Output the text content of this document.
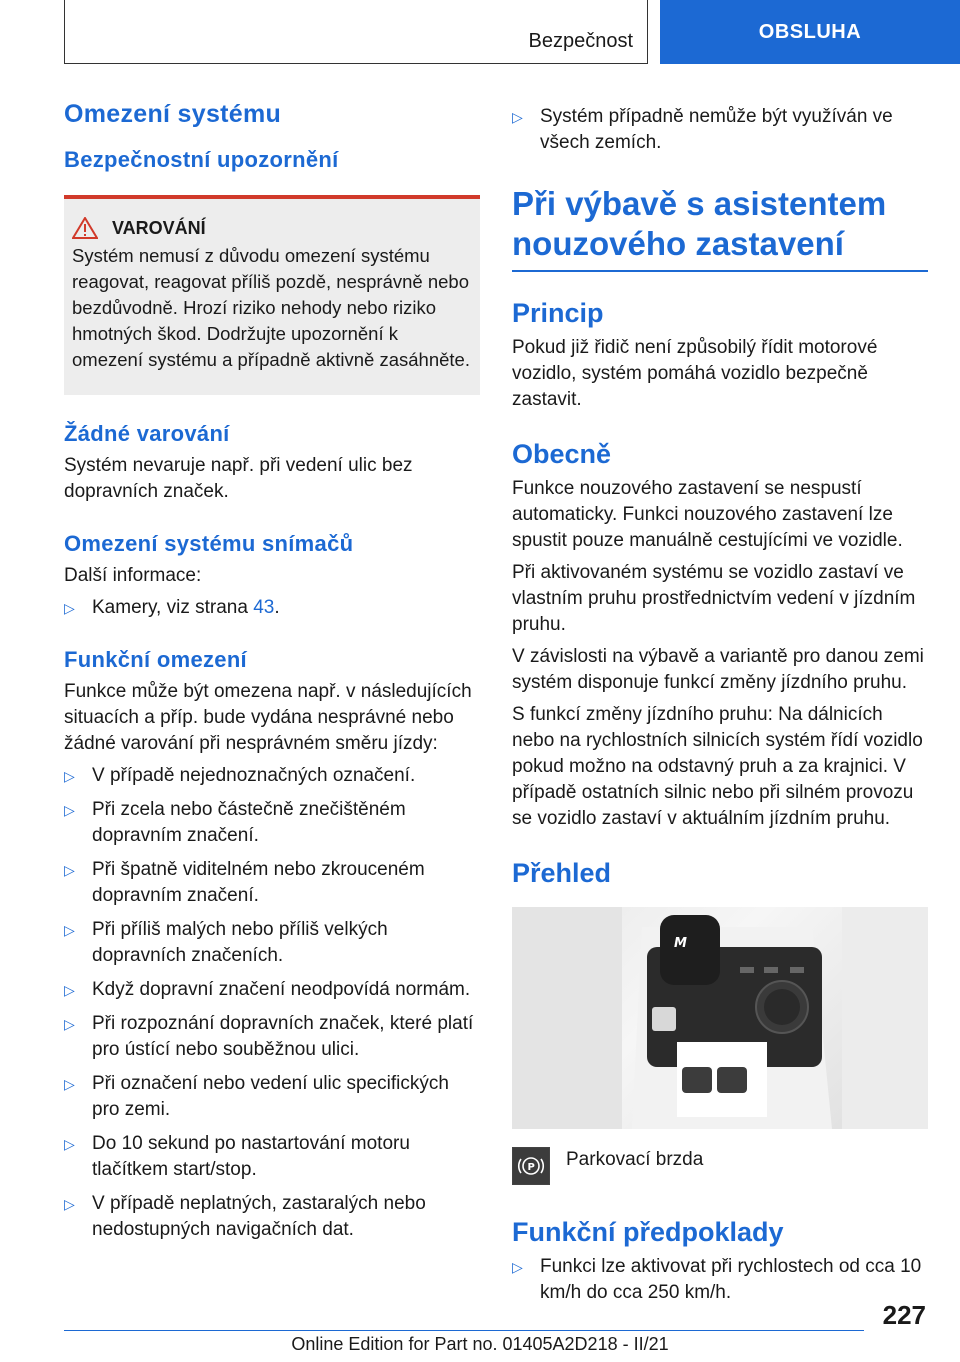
Bezpečnost	OBSLUHA
Omezení systému
Bezpečnostní upozornění
VAROVÁNÍ

Systém nemusí z důvodu omezení systému reagovat, reagovat příliš pozdě, nesprávně nebo bezdůvodně. Hrozí riziko nehody nebo riziko hmotných škod. Dodržujte upozornění k omezení systému a případně aktivně zasáhněte.

Žádné varování

Systém nevaruje např. při vedení ulic bez dopravních značek.

Omezení systému snímačů

Další informace:

▷ Kamery, viz strana 43.
Funkční omezení

Funkce může být omezena např. v následujících situacích a příp. bude vydána nesprávné nebo žádné varování při nesprávném směru jízdy:

▷ V případě nejednoznačných označení.
▷ Při zcela nebo částečně znečištěném dopravním značení.
▷ Při špatně viditelném nebo zkrouceném dopravním značení.
▷ Při příliš malých nebo příliš velkých dopravních značeních.
▷ Když dopravní značení neodpovídá normám.
▷ Při rozpoznání dopravních značek, které platí pro ústící nebo souběžnou ulici.
▷ Při označení nebo vedení ulic specifických pro zemi.
▷ Do 10 sekund po nastartování motoru tlačítkem start/stop.
▷ V případě neplatných, zastaralých nebo nedostupných navigačních dat.
▷ Systém případně nemůže být využíván ve všech zemích.
Při výbavě s asistentem nouzového zastavení
Princip

Pokud již řidič není způsobilý řídit motorové vozidlo, systém pomáhá vozidlo bezpečně zastavit.

Obecně

Funkce nouzového zastavení se nespustí automaticky. Funkci nouzového zastavení lze spustit pouze manuálně cestujícími ve vozidle.

Při aktivovaném systému se vozidlo zastaví ve vlastním pruhu prostřednictvím vedení v jízdním pruhu.

V závislosti na výbavě a variantě pro danou zemi systém disponuje funkcí změny jízdního pruhu.

S funkcí změny jízdního pruhu: Na dálnicích nebo na rychlostních silnicích systém řídí vozidlo pokud možno na odstavný pruh a za krajnici. V případě ostatních silnic nebo při silném provozu se vozidlo zastaví v aktuálním jízdním pruhu.

Přehled
M
P Parkovací brzda
Funkční předpoklady
▷ Funkci lze aktivovat při rychlostech od cca 10 km/h do cca 250 km/h.
227
Online Edition for Part no. 01405A2D218 - II/21
